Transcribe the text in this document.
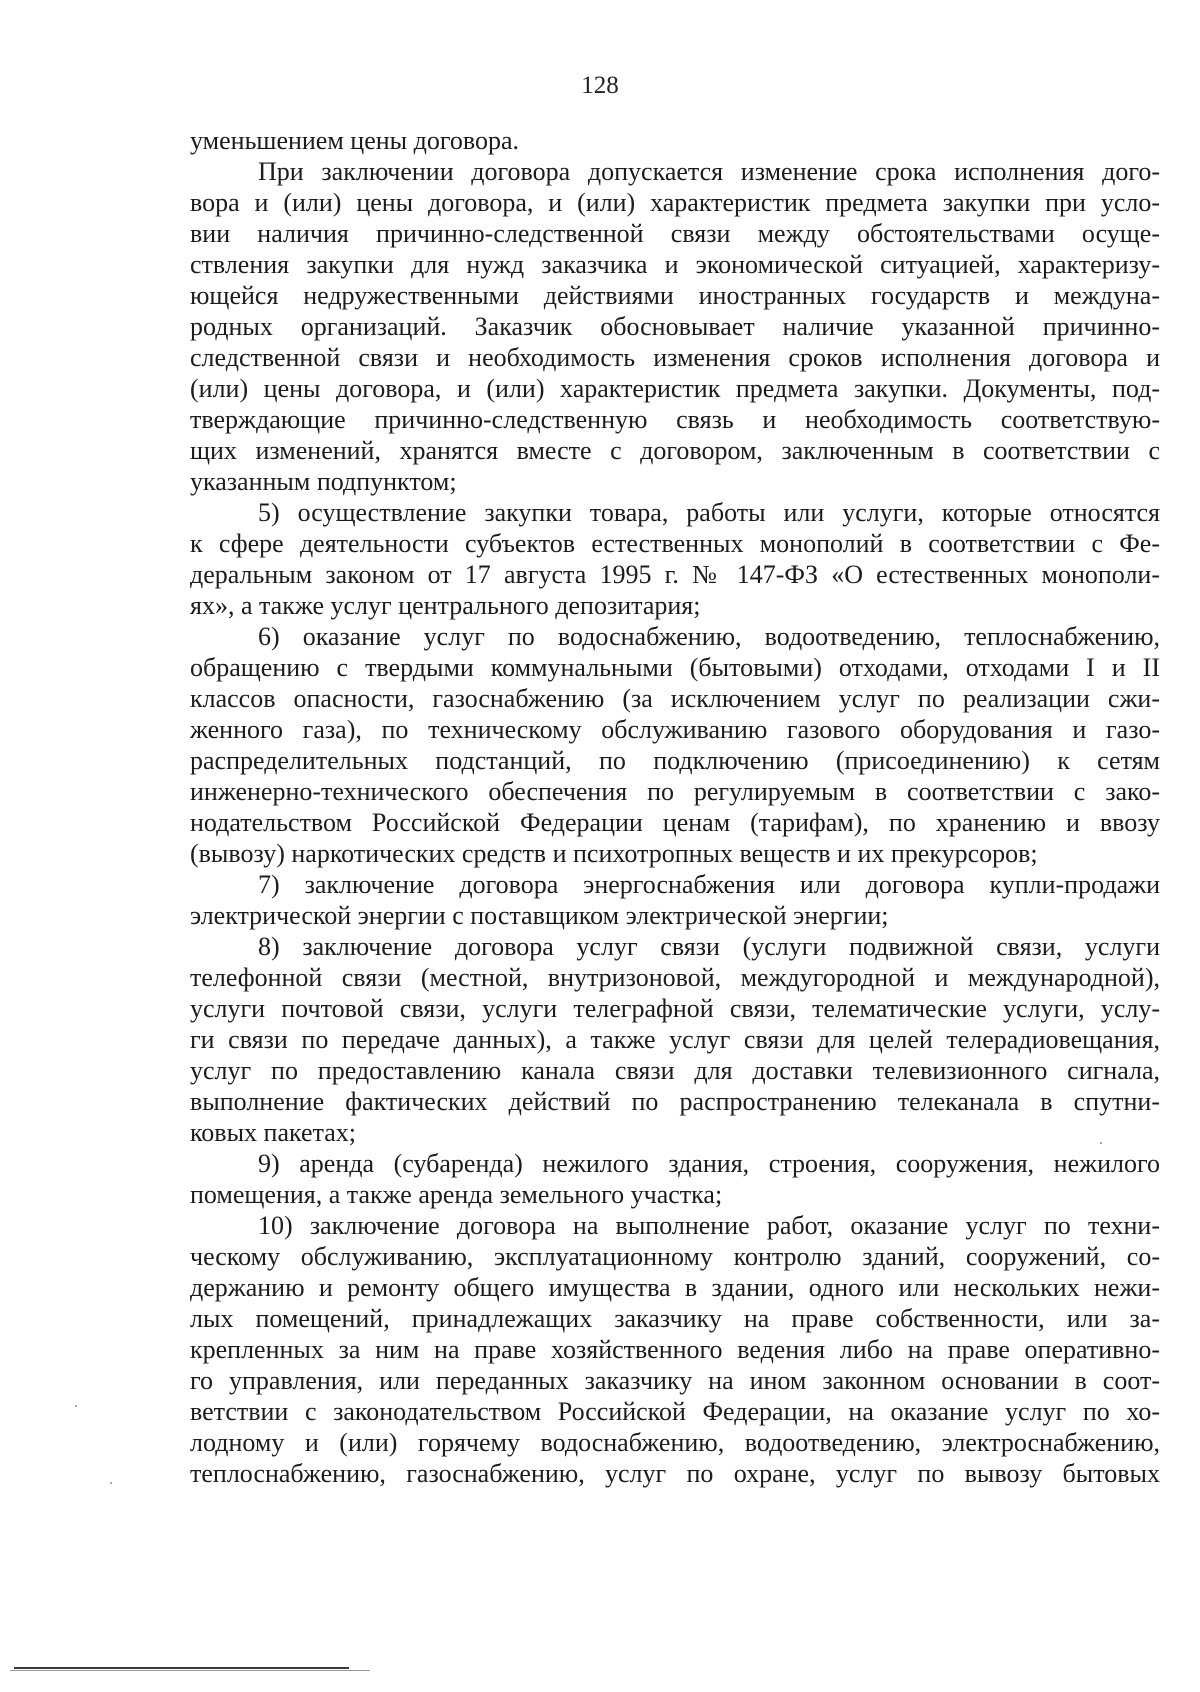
128
уменьшением цены договора.
При заключении договора допускается изменение срока исполнения дого-
вора и (или) цены договора, и (или) характеристик предмета закупки при усло-
вии наличия причинно-следственной связи между обстоятельствами осуще-
ствления закупки для нужд заказчика и экономической ситуацией, характеризу-
ющейся недружественными действиями иностранных государств и междуна-
родных организаций. Заказчик обосновывает наличие указанной причинно-
следственной связи и необходимость изменения сроков исполнения договора и
(или) цены договора, и (или) характеристик предмета закупки. Документы, под-
тверждающие причинно-следственную связь и необходимость соответствую-
щих изменений, хранятся вместе с договором, заключенным в соответствии с
указанным подпунктом;
5) осуществление закупки товара, работы или услуги, которые относятся
к сфере деятельности субъектов естественных монополий в соответствии с Фе-
деральным законом от 17 августа 1995 г. № 147-ФЗ «О естественных монополи-
ях», а также услуг центрального депозитария;
6) оказание услуг по водоснабжению, водоотведению, теплоснабжению,
обращению с твердыми коммунальными (бытовыми) отходами, отходами I и II
классов опасности, газоснабжению (за исключением услуг по реализации сжи-
женного газа), по техническому обслуживанию газового оборудования и газо-
распределительных подстанций, по подключению (присоединению) к сетям
инженерно-технического обеспечения по регулируемым в соответствии с зако-
нодательством Российской Федерации ценам (тарифам), по хранению и ввозу
(вывозу) наркотических средств и психотропных веществ и их прекурсоров;
7) заключение договора энергоснабжения или договора купли-продажи
электрической энергии с поставщиком электрической энергии;
8) заключение договора услуг связи (услуги подвижной связи, услуги
телефонной связи (местной, внутризоновой, междугородной и международной),
услуги почтовой связи, услуги телеграфной связи, телематические услуги, услу-
ги связи по передаче данных), а также услуг связи для целей телерадиовещания,
услуг по предоставлению канала связи для доставки телевизионного сигнала,
выполнение фактических действий по распространению телеканала в спутни-
ковых пакетах;
9) аренда (субаренда) нежилого здания, строения, сооружения, нежилого
помещения, а также аренда земельного участка;
10) заключение договора на выполнение работ, оказание услуг по техни-
ческому обслуживанию, эксплуатационному контролю зданий, сооружений, со-
держанию и ремонту общего имущества в здании, одного или нескольких нежи-
лых помещений, принадлежащих заказчику на праве собственности, или за-
крепленных за ним на праве хозяйственного ведения либо на праве оперативно-
го управления, или переданных заказчику на ином законном основании в соот-
ветствии с законодательством Российской Федерации, на оказание услуг по хо-
лодному и (или) горячему водоснабжению, водоотведению, электроснабжению,
теплоснабжению, газоснабжению, услуг по охране, услуг по вывозу бытовых
